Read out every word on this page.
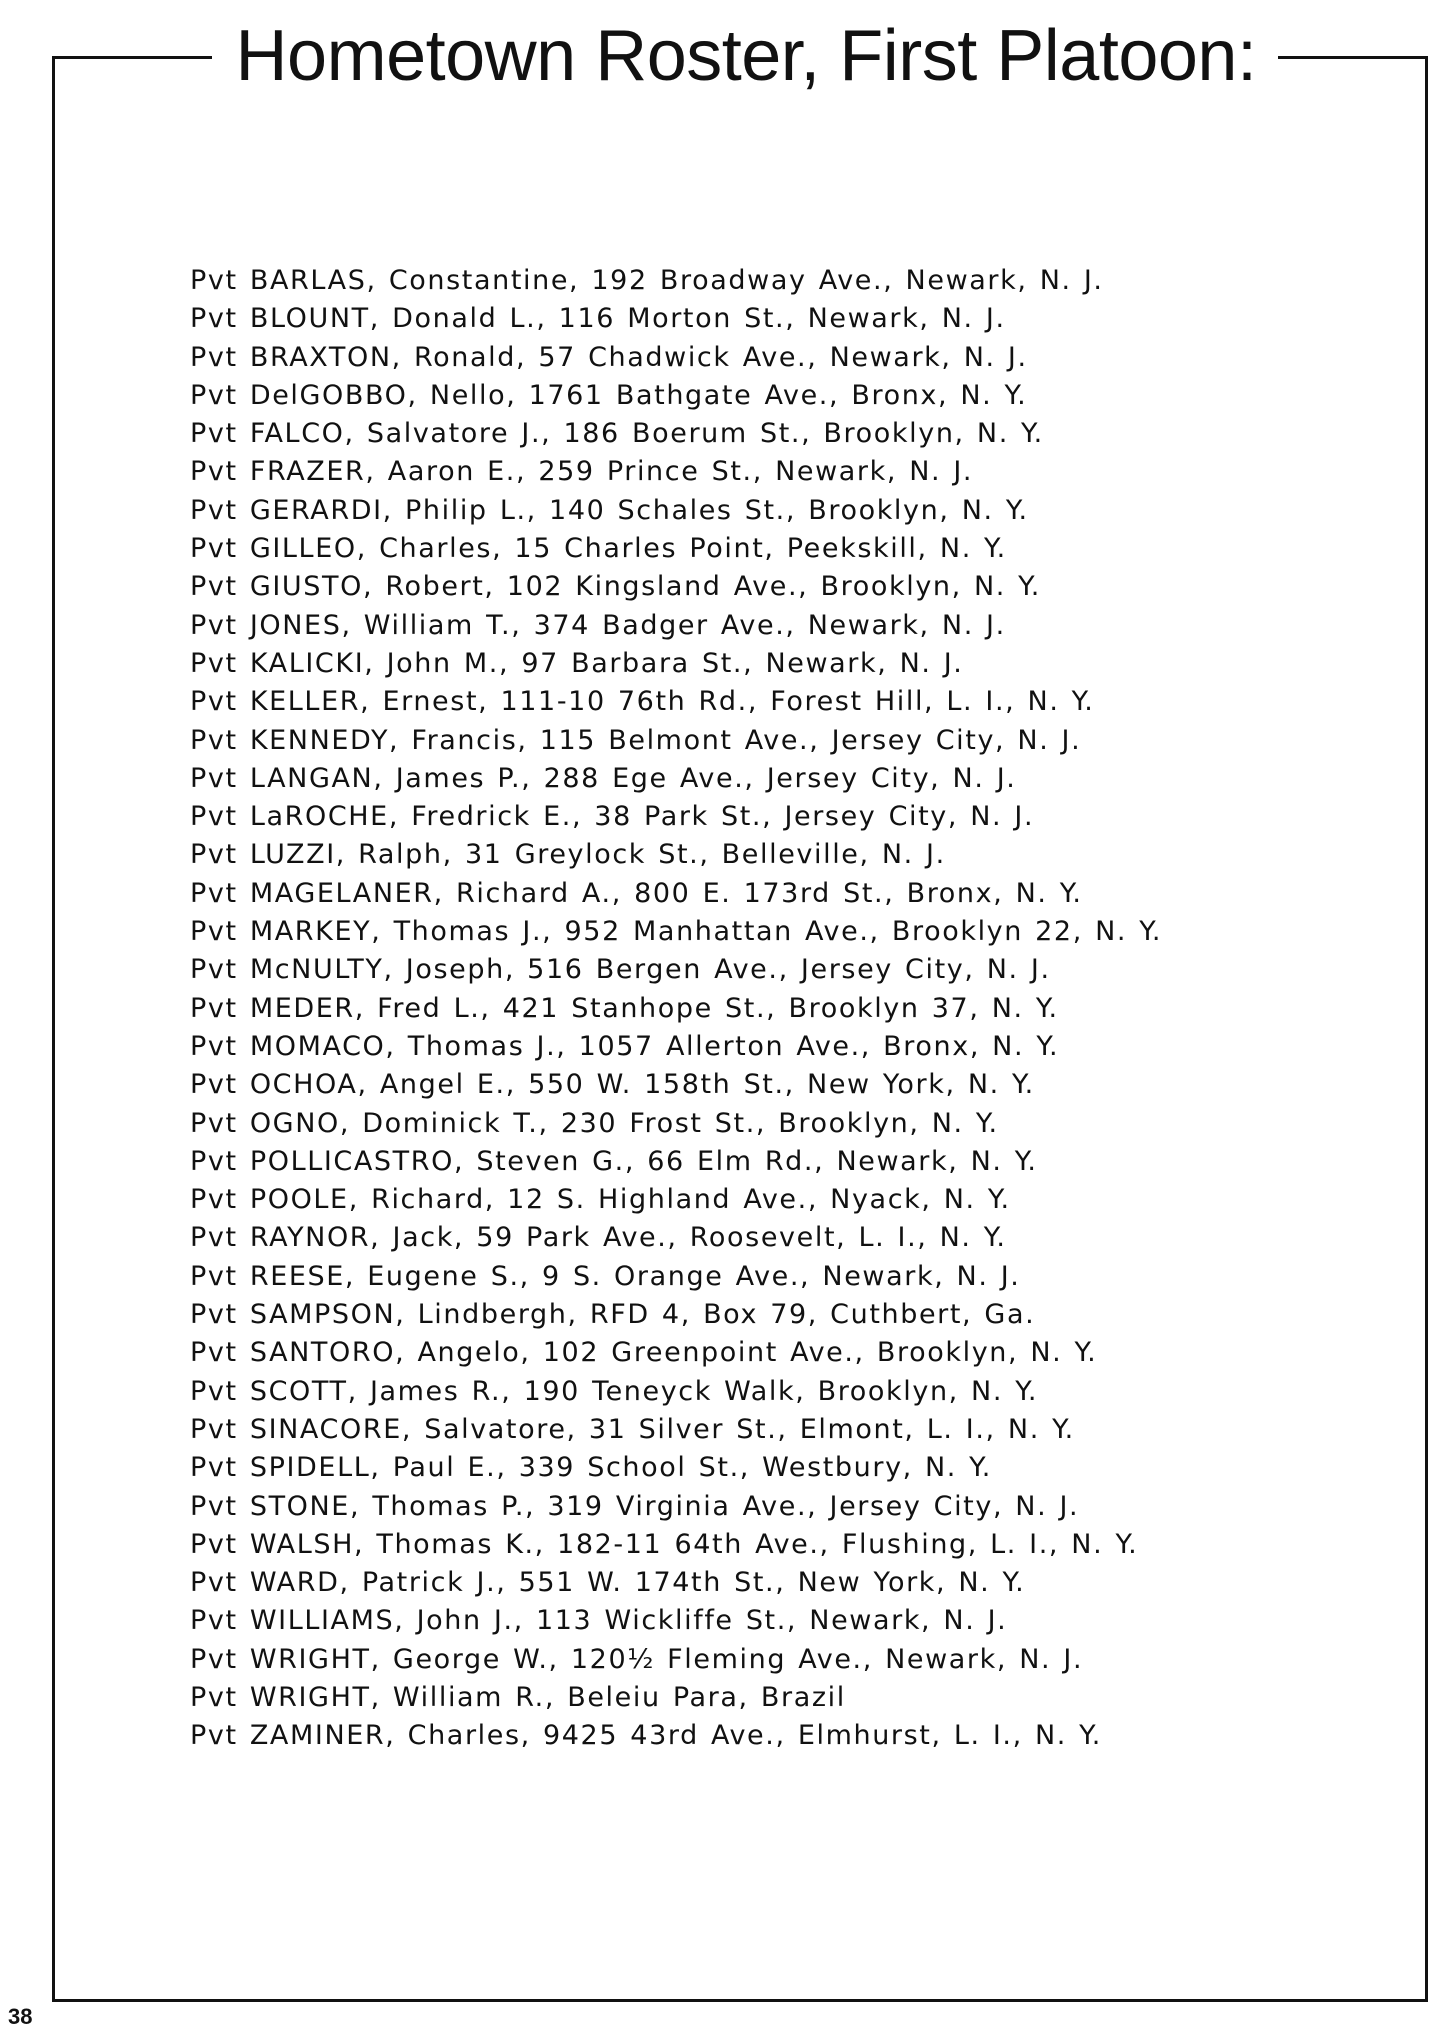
Hometown Roster, First Platoon:
Pvt BARLAS, Constantine, 192 Broadway Ave., Newark, N. J.
Pvt BLOUNT, Donald L., 116 Morton St., Newark, N. J.
Pvt BRAXTON, Ronald, 57 Chadwick Ave., Newark, N. J.
Pvt DelGOBBO, Nello, 1761 Bathgate Ave., Bronx, N. Y.
Pvt FALCO, Salvatore J., 186 Boerum St., Brooklyn, N. Y.
Pvt FRAZER, Aaron E., 259 Prince St., Newark, N. J.
Pvt GERARDI, Philip L., 140 Schales St., Brooklyn, N. Y.
Pvt GILLEO, Charles, 15 Charles Point, Peekskill, N. Y.
Pvt GIUSTO, Robert, 102 Kingsland Ave., Brooklyn, N. Y.
Pvt JONES, William T., 374 Badger Ave., Newark, N. J.
Pvt KALICKI, John M., 97 Barbara St., Newark, N. J.
Pvt KELLER, Ernest, 111-10 76th Rd., Forest Hill, L. I., N. Y.
Pvt KENNEDY, Francis, 115 Belmont Ave., Jersey City, N. J.
Pvt LANGAN, James P., 288 Ege Ave., Jersey City, N. J.
Pvt LaROCHE, Fredrick E., 38 Park St., Jersey City, N. J.
Pvt LUZZI, Ralph, 31 Greylock St., Belleville, N. J.
Pvt MAGELANER, Richard A., 800 E. 173rd St., Bronx, N. Y.
Pvt MARKEY, Thomas J., 952 Manhattan Ave., Brooklyn 22, N. Y.
Pvt McNULTY, Joseph, 516 Bergen Ave., Jersey City, N. J.
Pvt MEDER, Fred L., 421 Stanhope St., Brooklyn 37, N. Y.
Pvt MOMACO, Thomas J., 1057 Allerton Ave., Bronx, N. Y.
Pvt OCHOA, Angel E., 550 W. 158th St., New York, N. Y.
Pvt OGNO, Dominick T., 230 Frost St., Brooklyn, N. Y.
Pvt POLLICASTRO, Steven G., 66 Elm Rd., Newark, N. Y.
Pvt POOLE, Richard, 12 S. Highland Ave., Nyack, N. Y.
Pvt RAYNOR, Jack, 59 Park Ave., Roosevelt, L. I., N. Y.
Pvt REESE, Eugene S., 9 S. Orange Ave., Newark, N. J.
Pvt SAMPSON, Lindbergh, RFD 4, Box 79, Cuthbert, Ga.
Pvt SANTORO, Angelo, 102 Greenpoint Ave., Brooklyn, N. Y.
Pvt SCOTT, James R., 190 Teneyck Walk, Brooklyn, N. Y.
Pvt SINACORE, Salvatore, 31 Silver St., Elmont, L. I., N. Y.
Pvt SPIDELL, Paul E., 339 School St., Westbury, N. Y.
Pvt STONE, Thomas P., 319 Virginia Ave., Jersey City, N. J.
Pvt WALSH, Thomas K., 182-11 64th Ave., Flushing, L. I., N. Y.
Pvt WARD, Patrick J., 551 W. 174th St., New York, N. Y.
Pvt WILLIAMS, John J., 113 Wickliffe St., Newark, N. J.
Pvt WRIGHT, George W., 120½ Fleming Ave., Newark, N. J.
Pvt WRIGHT, William R., Beleiu Para, Brazil
Pvt ZAMINER, Charles, 9425 43rd Ave., Elmhurst, L. I., N. Y.
38
